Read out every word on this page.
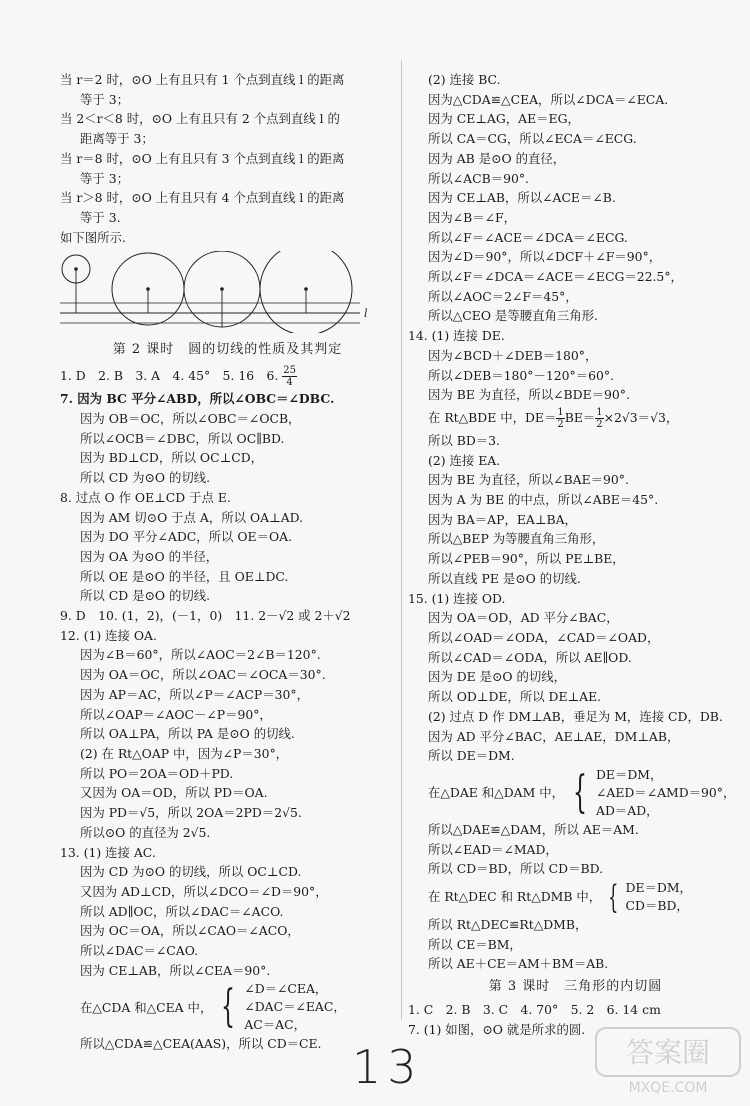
当 r＝2 时，⊙O 上有且只有 1 个点到直线 l 的距离
等于 3；
当 2＜r＜8 时，⊙O 上有且只有 2 个点到直线 l 的
距离等于 3；
当 r＝8 时，⊙O 上有且只有 3 个点到直线 l 的距离
等于 3；
当 r＞8 时，⊙O 上有且只有 4 个点到直线 l 的距离
等于 3.
如下图所示.
l
第 2 课时　圆的切线的性质及其判定
1. D　2. B　3. A　4. 45°　5. 16　6. $\frac{25}{4}$
7. 因为 BC 平分∠ABD，所以∠OBC＝∠DBC.
因为 OB＝OC，所以∠OBC＝∠OCB，
所以∠OCB＝∠DBC，所以 OC∥BD.
因为 BD⊥CD，所以 OC⊥CD，
所以 CD 为⊙O 的切线.
8. 过点 O 作 OE⊥CD 于点 E.
因为 AM 切⊙O 于点 A，所以 OA⊥AD.
因为 DO 平分∠ADC，所以 OE＝OA.
因为 OA 为⊙O 的半径，
所以 OE 是⊙O 的半径，且 OE⊥DC.
所以 CD 是⊙O 的切线.
9. D　10. (1，2)，(－1，0)　11. 2－√2 或 2＋√2
12. (1) 连接 OA.
因为∠B＝60°，所以∠AOC＝2∠B＝120°.
因为 OA＝OC，所以∠OAC＝∠OCA＝30°.
因为 AP＝AC，所以∠P＝∠ACP＝30°，
所以∠OAP＝∠AOC－∠P＝90°，
所以 OA⊥PA，所以 PA 是⊙O 的切线.
(2) 在 Rt△OAP 中，因为∠P＝30°，
所以 PO＝2OA＝OD＋PD.
又因为 OA＝OD，所以 PD＝OA.
因为 PD＝√5，所以 2OA＝2PD＝2√5.
所以⊙O 的直径为 2√5.
13. (1) 连接 AC.
因为 CD 为⊙O 的切线，所以 OC⊥CD.
又因为 AD⊥CD，所以∠DCO＝∠D＝90°，
所以 AD∥OC，所以∠DAC＝∠ACO.
因为 OC＝OA，所以∠CAO＝∠ACO，
所以∠DAC＝∠CAO.
因为 CE⊥AB，所以∠CEA＝90°.
在△CDA 和△CEA 中， { ∠D＝∠CEA，
∠DAC＝∠EAC，
AC＝AC，
所以△CDA≌△CEA(AAS)，所以 CD＝CE.
(2) 连接 BC.
因为△CDA≌△CEA，所以∠DCA＝∠ECA.
因为 CE⊥AG，AE＝EG，
所以 CA＝CG，所以∠ECA＝∠ECG.
因为 AB 是⊙O 的直径，
所以∠ACB＝90°.
因为 CE⊥AB，所以∠ACE＝∠B.
因为∠B＝∠F，
所以∠F＝∠ACE＝∠DCA＝∠ECG.
因为∠D＝90°，所以∠DCF＋∠F＝90°，
所以∠F＝∠DCA＝∠ACE＝∠ECG＝22.5°，
所以∠AOC＝2∠F＝45°，
所以△CEO 是等腰直角三角形.
14. (1) 连接 DE.
因为∠BCD＋∠DEB＝180°，
所以∠DEB＝180°－120°＝60°.
因为 BE 为直径，所以∠BDE＝90°.
在 Rt△BDE 中，$DE= \frac{1}{2} BE= \frac{1}{2} \times 2√3=√3$，
所以 BD＝3.
(2) 连接 EA.
因为 BE 为直径，所以∠BAE＝90°.
因为 A 为 BE 的中点，所以∠ABE＝45°.
因为 BA＝AP，EA⊥BA，
所以△BEP 为等腰直角三角形，
所以∠PEB＝90°，所以 PE⊥BE，
所以直线 PE 是⊙O 的切线.
15. (1) 连接 OD.
因为 OA＝OD，AD 平分∠BAC，
所以∠OAD＝∠ODA，∠CAD＝∠OAD，
所以∠CAD＝∠ODA，所以 AE∥OD.
因为 DE 是⊙O 的切线，
所以 OD⊥DE，所以 DE⊥AE.
(2) 过点 D 作 DM⊥AB，垂足为 M，连接 CD，DB.
因为 AD 平分∠BAC，AE⊥AE，DM⊥AB，
所以 DE＝DM.
在△DAE 和△DAM 中， { DE＝DM，
∠AED＝∠AMD＝90°，
AD＝AD，
所以△DAE≌△DAM，所以 AE＝AM.
所以∠EAD＝∠MAD，
所以 CD＝BD，所以 CD＝BD.
在 Rt△DEC 和 Rt△DMB 中， { DE＝DM，
CD＝BD，
所以 Rt△DEC≌Rt△DMB，
所以 CE＝BM，
所以 AE＋CE＝AM＋BM＝AB.
第 3 课时　三角形的内切圆
1. C　2. B　3. C　4. 70°　5. 2　6. 14 cm
7. (1) 如图，⊙O 就是所求的圆.
13	答案圈
MXQE.COM
